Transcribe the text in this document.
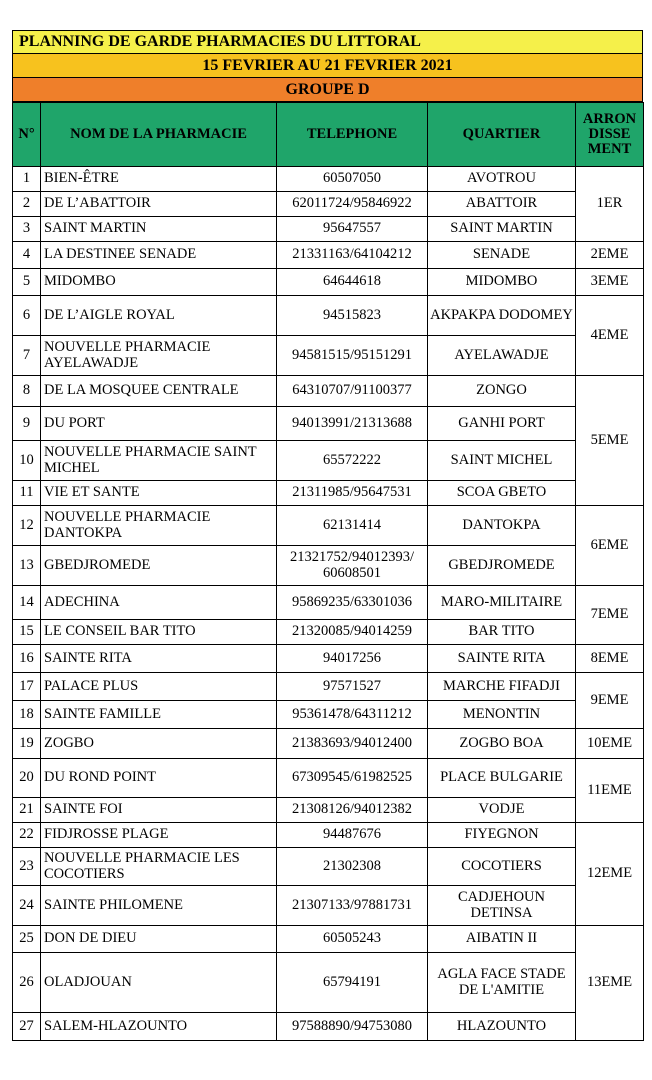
PLANNING DE GARDE PHARMACIES DU LITTORAL
15 FEVRIER AU 21 FEVRIER 2021
GROUPE D
N°	NOM DE LA PHARMACIE	TELEPHONE	QUARTIER	ARRON DISSE MENT
1	BIEN-ÊTRE	60507050	AVOTROU	1ER
2	DE L’ABATTOIR	62011724/95846922	ABATTOIR	
3	SAINT MARTIN	95647557	SAINT MARTIN	
4	LA DESTINEE SENADE	21331163/64104212	SENADE	2EME
5	MIDOMBO	64644618	MIDOMBO	3EME
6	DE L’AIGLE ROYAL	94515823	AKPAKPA DODOMEY	4EME
7	NOUVELLE PHARMACIE AYELAWADJE	94581515/95151291	AYELAWADJE	
8	DE LA MOSQUEE CENTRALE	64310707/91100377	ZONGO	5EME
9	DU PORT	94013991/21313688	GANHI PORT	
10	NOUVELLE PHARMACIE SAINT MICHEL	65572222	SAINT MICHEL	
11	VIE ET SANTE	21311985/95647531	SCOA GBETO	
12	NOUVELLE PHARMACIE DANTOKPA	62131414	DANTOKPA	6EME
13	GBEDJROMEDE	21321752/94012393/ 60608501	GBEDJROMEDE	
14	ADECHINA	95869235/63301036	MARO-MILITAIRE	7EME
15	LE CONSEIL BAR TITO	21320085/94014259	BAR TITO	
16	SAINTE RITA	94017256	SAINTE RITA	8EME
17	PALACE PLUS	97571527	MARCHE FIFADJI	9EME
18	SAINTE FAMILLE	95361478/64311212	MENONTIN	
19	ZOGBO	21383693/94012400	ZOGBO BOA	10EME
20	DU ROND POINT	67309545/61982525	PLACE BULGARIE	11EME
21	SAINTE FOI	21308126/94012382	VODJE	
22	FIDJROSSE PLAGE	94487676	FIYEGNON	12EME
23	NOUVELLE PHARMACIE LES COCOTIERS	21302308	COCOTIERS	
24	SAINTE PHILOMENE	21307133/97881731	CADJEHOUN DETINSA	
25	DON DE DIEU	60505243	AIBATIN II	13EME
26	OLADJOUAN	65794191	AGLA FACE STADE DE L'AMITIE	
27	SALEM-HLAZOUNTO	97588890/94753080	HLAZOUNTO	
